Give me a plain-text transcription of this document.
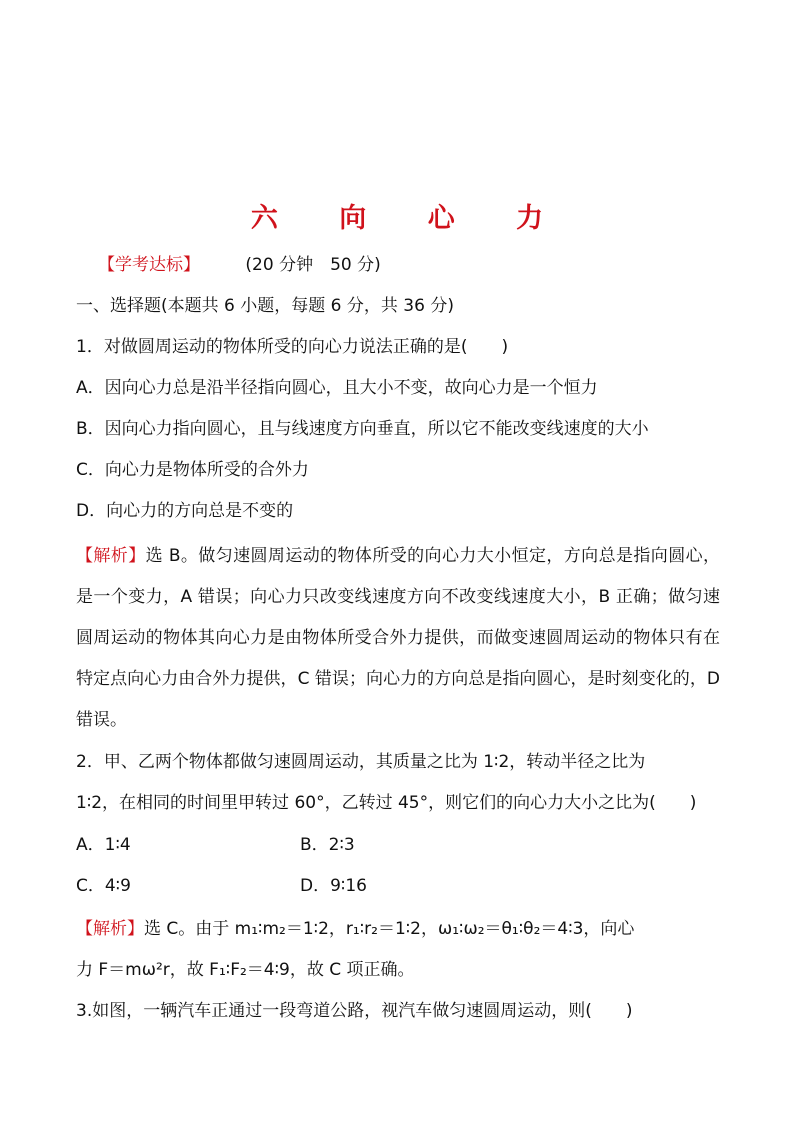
六 向 心 力
【学考达标】	(20 分钟　50 分)
一、选择题(本题共 6 小题，每题 6 分，共 36 分)
1．对做圆周运动的物体所受的向心力说法正确的是(　　)
A．因向心力总是沿半径指向圆心，且大小不变，故向心力是一个恒力
B．因向心力指向圆心，且与线速度方向垂直，所以它不能改变线速度的大小
C．向心力是物体所受的合外力
D．向心力的方向总是不变的
【解析】选 B。做匀速圆周运动的物体所受的向心力大小恒定，方向总是指向圆心，是一个变力，A 错误；向心力只改变线速度方向不改变线速度大小，B 正确；做匀速圆周运动的物体其向心力是由物体所受合外力提供，而做变速圆周运动的物体只有在特定点向心力由合外力提供，C 错误；向心力的方向总是指向圆心，是时刻变化的，D 错误。
2．甲、乙两个物体都做匀速圆周运动，其质量之比为 1∶2，转动半径之比为
1∶2，在相同的时间里甲转过 60°，乙转过 45°，则它们的向心力大小之比为(　　)
A．1∶4	B．2∶3
C．4∶9	D．9∶16
【解析】选 C。由于 m₁∶m₂＝1∶2，r₁∶r₂＝1∶2，ω₁∶ω₂＝θ₁∶θ₂＝4∶3，向心
力 F＝mω²r，故 F₁∶F₂＝4∶9，故 C 项正确。
3.如图，一辆汽车正通过一段弯道公路，视汽车做匀速圆周运动，则(　　)
